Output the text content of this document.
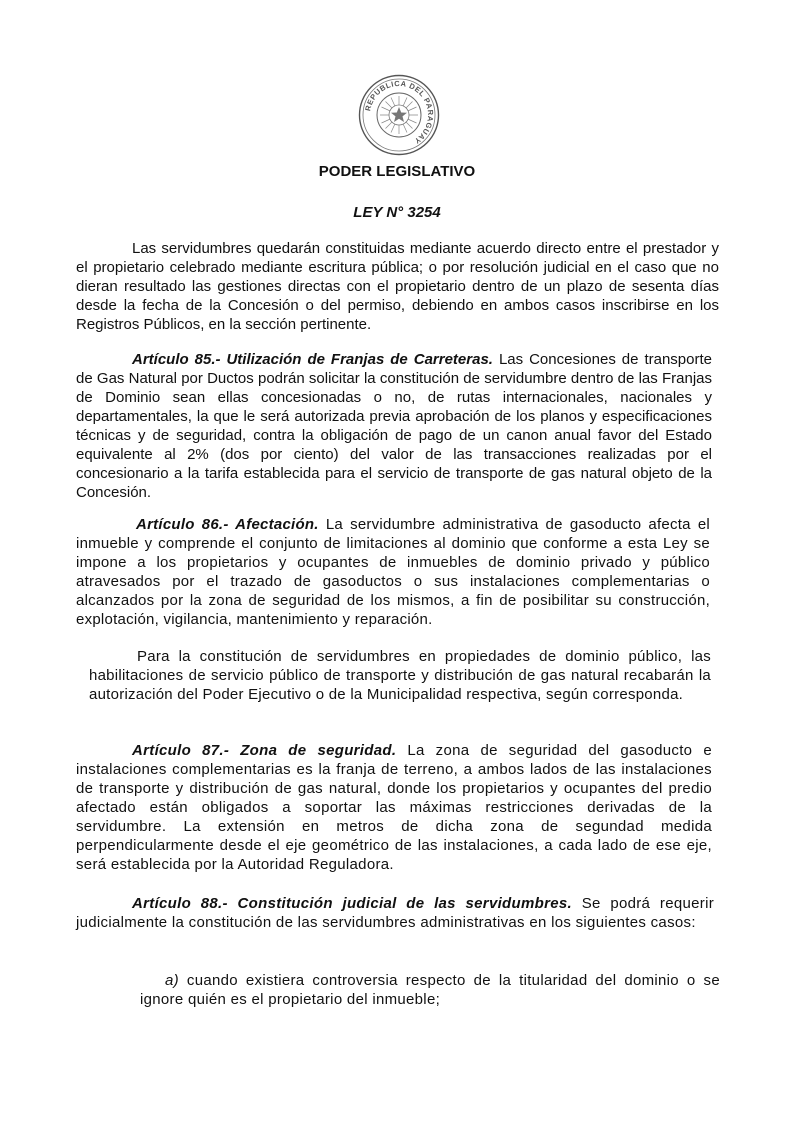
REPUBLICA DEL PARAGUAY
PODER LEGISLATIVO
LEY N° 3254

Las servidumbres quedarán constituidas mediante acuerdo directo entre el prestador y el propietario celebrado mediante escritura pública; o por resolución judicial en el caso que no dieran resultado las gestiones directas con el propietario dentro de un plazo de sesenta días desde la fecha de la Concesión o del permiso, debiendo en ambos casos inscribirse en los Registros Públicos, en la sección pertinente.

Artículo 85.- Utilización de Franjas de Carreteras. Las Concesiones de transporte de Gas Natural por Ductos podrán solicitar la constitución de servidumbre dentro de las Franjas de Dominio sean ellas concesionadas o no, de rutas internacionales, nacionales y departamentales, la que le será autorizada previa aprobación de los planos y especificaciones técnicas y de seguridad, contra la obligación de pago de un canon anual favor del Estado equivalente al 2% (dos por ciento) del valor de las transacciones realizadas por el concesionario a la tarifa establecida para el servicio de transporte de gas natural objeto de la Concesión.

Artículo 86.- Afectación. La servidumbre administrativa de gasoducto afecta el inmueble y comprende el conjunto de limitaciones al dominio que conforme a esta Ley se impone a los propietarios y ocupantes de inmuebles de dominio privado y público atravesados por el trazado de gasoductos o sus instalaciones complementarias o alcanzados por la zona de seguridad de los mismos, a fin de posibilitar su construcción, explotación, vigilancia, mantenimiento y reparación.

Para la constitución de servidumbres en propiedades de dominio público, las habilitaciones de servicio público de transporte y distribución de gas natural recabarán la autorización del Poder Ejecutivo o de la Municipalidad respectiva, según corresponda.

Artículo 87.- Zona de seguridad. La zona de seguridad del gasoducto e instalaciones complementarias es la franja de terreno, a ambos lados de las instalaciones de transporte y distribución de gas natural, donde los propietarios y ocupantes del predio afectado están obligados a soportar las máximas restricciones derivadas de la servidumbre. La extensión en metros de dicha zona de segundad medida perpendicularmente desde el eje geométrico de las instalaciones, a cada lado de ese eje, será establecida por la Autoridad Reguladora.

Artículo 88.- Constitución judicial de las servidumbres. Se podrá requerir judicialmente la constitución de las servidumbres administrativas en los siguientes casos:

a) cuando existiera controversia respecto de la titularidad del dominio o se ignore quién es el propietario del inmueble;
